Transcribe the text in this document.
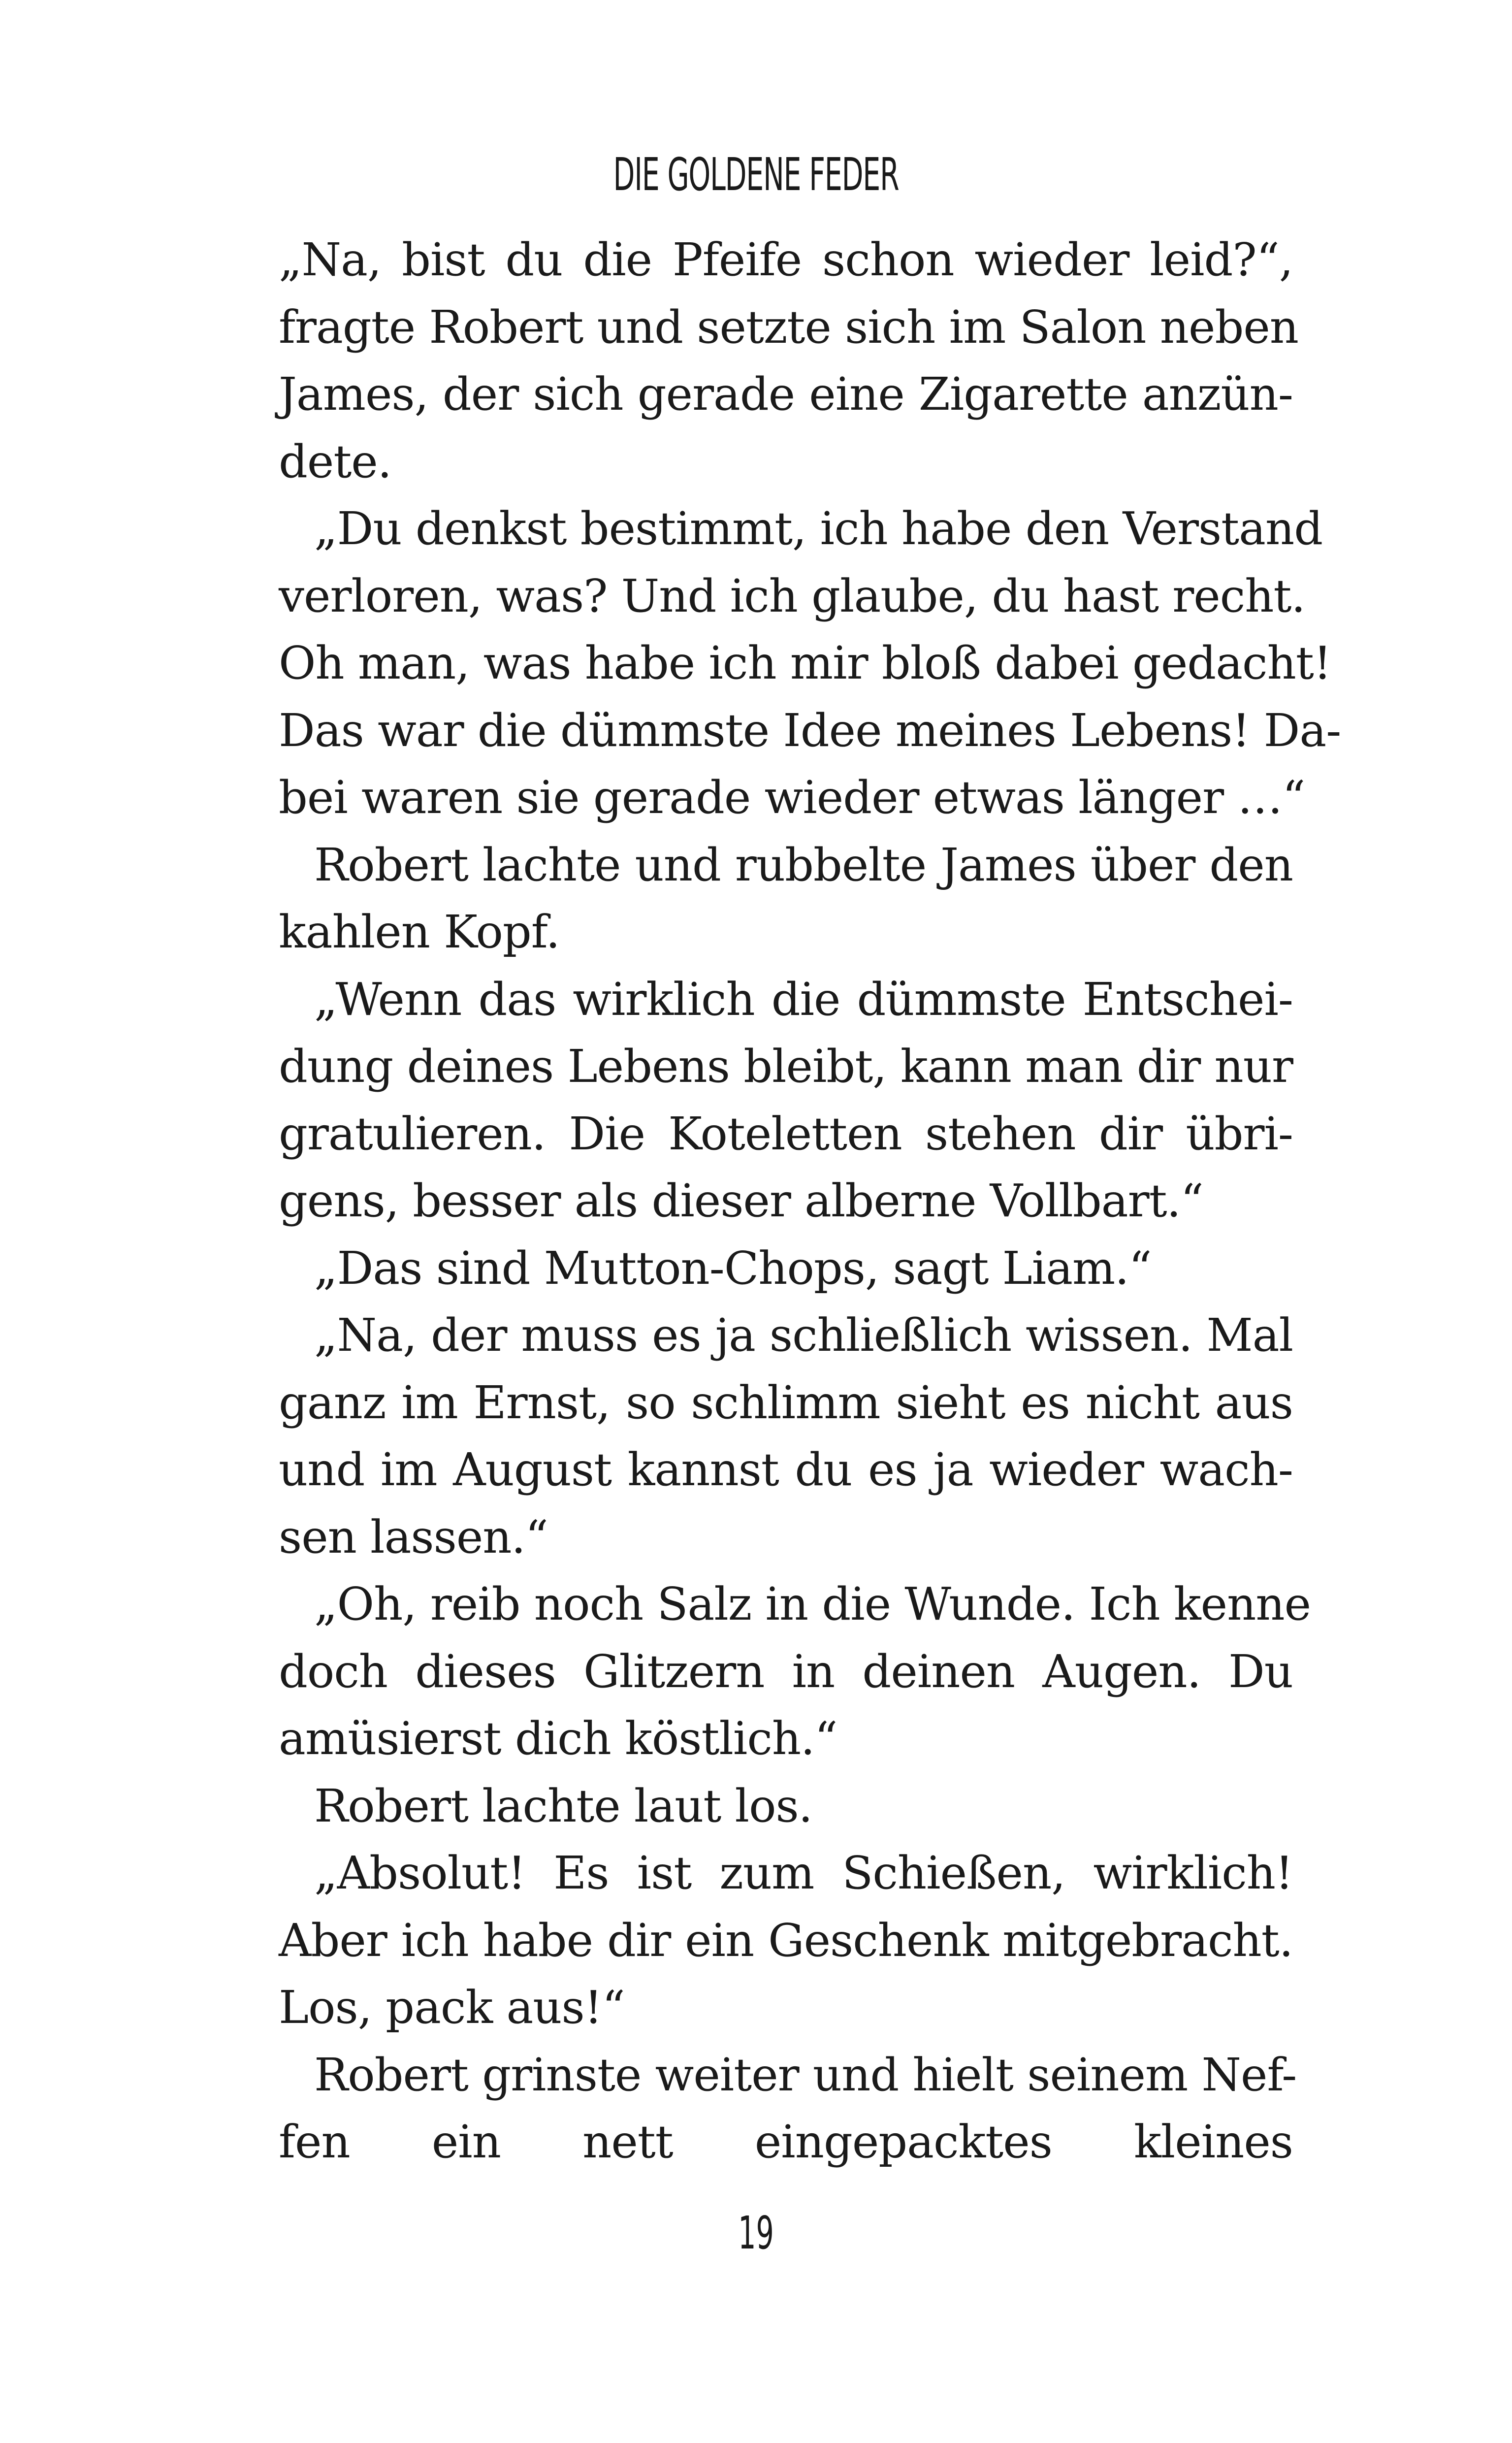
DIE GOLDENE FEDER
„Na, bist du die Pfeife schon wieder leid?“,
fragte Robert und setzte sich im Salon neben
James, der sich gerade eine Zigarette anzün-
dete.
„Du denkst bestimmt, ich habe den Verstand
verloren, was? Und ich glaube, du hast recht.
Oh man, was habe ich mir bloß dabei gedacht!
Das war die dümmste Idee meines Lebens! Da-
bei waren sie gerade wieder etwas länger …“
Robert lachte und rubbelte James über den
kahlen Kopf.
„Wenn das wirklich die dümmste Entschei-
dung deines Lebens bleibt, kann man dir nur
gratulieren. Die Koteletten stehen dir übri-
gens, besser als dieser alberne Vollbart.“
„Das sind Mutton-Chops, sagt Liam.“
„Na, der muss es ja schließlich wissen. Mal
ganz im Ernst, so schlimm sieht es nicht aus
und im August kannst du es ja wieder wach-
sen lassen.“
„Oh, reib noch Salz in die Wunde. Ich kenne
doch dieses Glitzern in deinen Augen. Du
amüsierst dich köstlich.“
Robert lachte laut los.
„Absolut! Es ist zum Schießen, wirklich!
Aber ich habe dir ein Geschenk mitgebracht.
Los, pack aus!“
Robert grinste weiter und hielt seinem Nef-
fen ein nett eingepacktes kleines
19
